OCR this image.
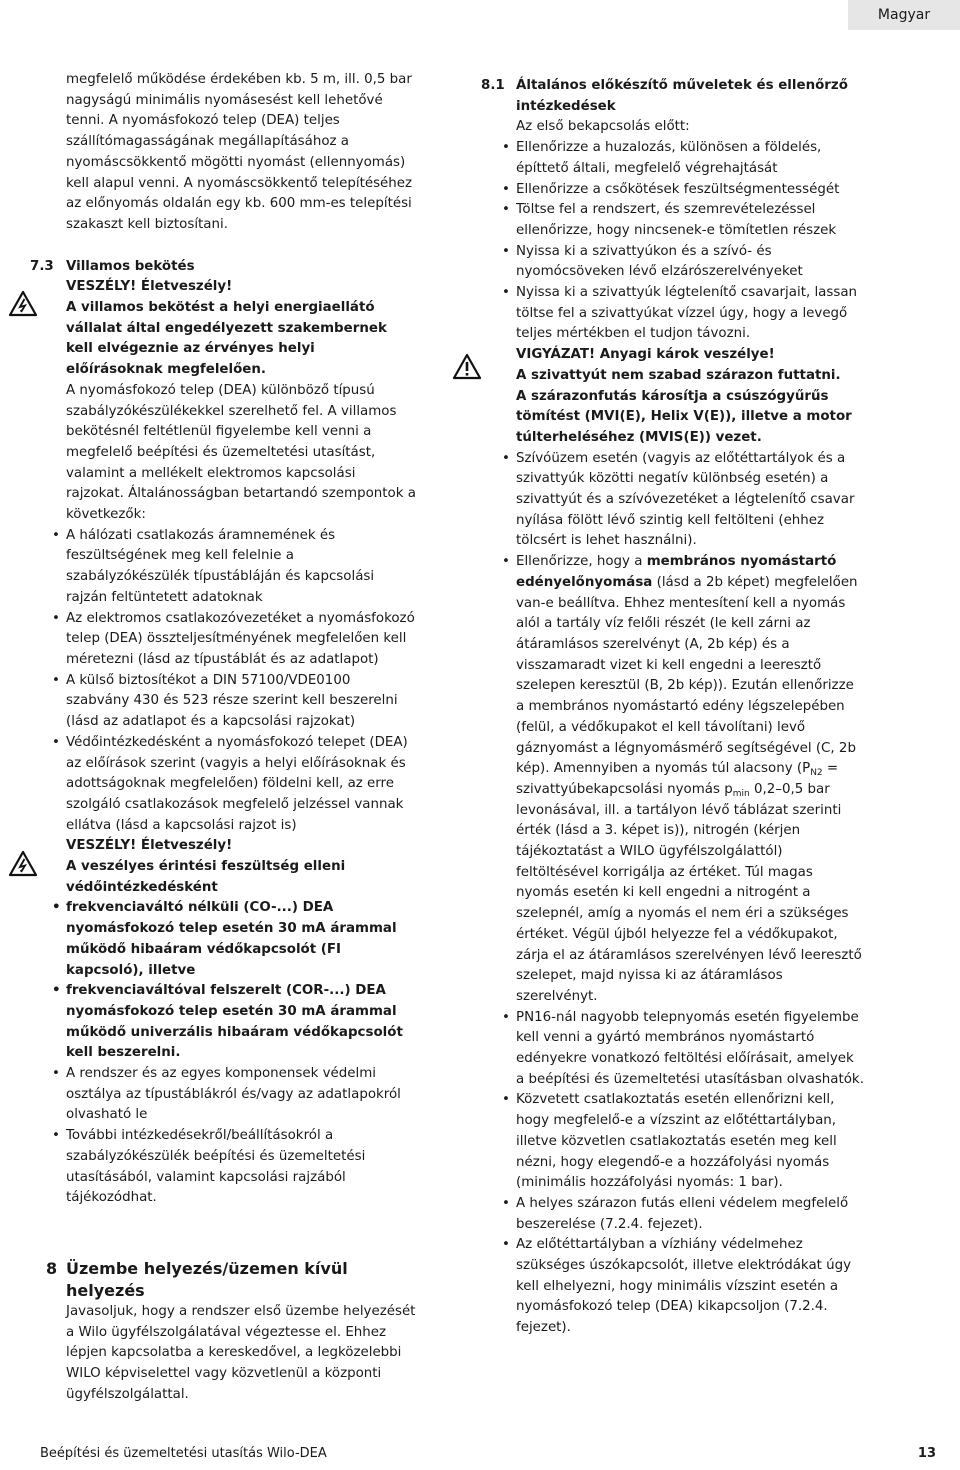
Magyar

megfelelő működése érdekében kb. 5 m, ill. 0,5 bar nagyságú minimális nyomásesést kell lehetővé tenni. A nyomásfokozó telep (DEA) teljes szállítómagasságának megállapításához a nyomáscsökkentő mögötti nyomást (ellennyomás) kell alapul venni. A nyomáscsökkentő telepítéséhez az előnyomás oldalán egy kb. 600 mm-es telepítési szakaszt kell biztosítani.

7.3 Villamos bekötés

VESZÉLY! Életveszély!

A villamos bekötést a helyi energiaellátó vállalat által engedélyezett szakembernek kell elvégeznie az érvényes helyi előírásoknak megfelelően.

A nyomásfokozó telep (DEA) különböző típusú szabályzókészülékekkel szerelhető fel. A villamos bekötésnél feltétlenül figyelembe kell venni a megfelelő beépítési és üzemeltetési utasítást, valamint a mellékelt elektromos kapcsolási rajzokat. Általánosságban betartandó szempontok a következők:

• A hálózati csatlakozás áramnemének és feszültségének meg kell felelnie a szabályzókészülék típustábláján és kapcsolási rajzán feltüntetett adatoknak
• Az elektromos csatlakozóvezetéket a nyomásfokozó telep (DEA) összteljesítményének megfelelően kell méretezni (lásd az típustáblát és az adatlapot)
• A külső biztosítékot a DIN 57100/VDE0100 szabvány 430 és 523 része szerint kell beszerelni (lásd az adatlapot és a kapcsolási rajzokat)
• Védőintézkedésként a nyomásfokozó telepet (DEA) az előírások szerint (vagyis a helyi előírásoknak és adottságoknak megfelelően) földelni kell, az erre szolgáló csatlakozások megfelelő jelzéssel vannak ellátva (lásd a kapcsolási rajzot is)

VESZÉLY! Életveszély!

A veszélyes érintési feszültség elleni védőintézkedésként

• frekvenciaváltó nélküli (CO-...) DEA nyomásfokozó telep esetén 30 mA árammal működő hibaáram védőkapcsolót (FI kapcsoló), illetve
• frekvenciaváltóval felszerelt (COR-...) DEA nyomásfokozó telep esetén 30 mA árammal működő univerzális hibaáram védőkapcsolót kell beszerelni.
• A rendszer és az egyes komponensek védelmi osztálya az típustáblákról és/vagy az adatlapokról olvasható le
• További intézkedésekről/beállításokról a szabályzókészülék beépítési és üzemeltetési utasításából, valamint kapcsolási rajzából tájékozódhat.
8 Üzembe helyezés/üzemen kívül helyezés

Javasoljuk, hogy a rendszer első üzembe helyezését a Wilo ügyfélszolgálatával végeztesse el. Ehhez lépjen kapcsolatba a kereskedővel, a legközelebbi WILO képviselettel vagy közvetlenül a központi ügyfélszolgálattal.

8.1 Általános előkészítő műveletek és ellenőrző intézkedések

Az első bekapcsolás előtt:

• Ellenőrizze a huzalozás, különösen a földelés, építtető általi, megfelelő végrehajtását
• Ellenőrizze a csőkötések feszültségmentességét
• Töltse fel a rendszert, és szemrevételezéssel ellenőrizze, hogy nincsenek-e tömítetlen részek
• Nyissa ki a szivattyúkon és a szívó- és nyomócsöveken lévő elzárószerelvényeket
• Nyissa ki a szivattyúk légtelenítő csavarjait, lassan töltse fel a szivattyúkat vízzel úgy, hogy a levegő teljes mértékben el tudjon távozni.

VIGYÁZAT! Anyagi károk veszélye!

A szivattyút nem szabad szárazon futtatni.

A szárazonfutás károsítja a csúszógyűrűs tömítést (MVI(E), Helix V(E)), illetve a motor túlterheléséhez (MVIS(E)) vezet.

• Szívóüzem esetén (vagyis az előtéttartályok és a szivattyúk közötti negatív különbség esetén) a szivattyút és a szívóvezetéket a légtelenítő csavar nyílása fölött lévő szintig kell feltölteni (ehhez tölcsért is lehet használni).
• Ellenőrizze, hogy a membrános nyomástartó edényelőnyomása (lásd a 2b képet) megfelelően van-e beállítva. Ehhez mentesítení kell a nyomás alól a tartály víz felőli részét (le kell zárni az átáramlásos szerelvényt (A, 2b kép) és a visszamaradt vizet ki kell engedni a leeresztő szelepen keresztül (B, 2b kép)). Ezután ellenőrizze a membrános nyomástartó edény légszelepében (felül, a védőkupakot el kell távolítani) levő gáznyomást a légnyomásmérő segítségével (C, 2b kép). Amennyiben a nyomás túl alacsony ($P_{N2}$ = szivattyúbekapcsolási nyomás $p_{min}$ 0,2–0,5 bar levonásával, ill. a tartályon lévő táblázat szerinti érték (lásd a 3. képet is)), nitrogén (kérjen tájékoztatást a WILO ügyfélszolgálattól) feltöltésével korrigálja az értéket. Túl magas nyomás esetén ki kell engedni a nitrogént a szelepnél, amíg a nyomás el nem éri a szükséges értéket. Végül újból helyezze fel a védőkupakot, zárja el az átáramlásos szerelvényen lévő leeresztő szelepet, majd nyissa ki az átáramlásos szerelvényt.
• PN16-nál nagyobb telepnyomás esetén figyelembe kell venni a gyártó membrános nyomástartó edényekre vonatkozó feltöltési előírásait, amelyek a beépítési és üzemeltetési utasításban olvashatók.
• Közvetett csatlakoztatás esetén ellenőrizni kell, hogy megfelelő-e a vízszint az előtéttartályban, illetve közvetlen csatlakoztatás esetén meg kell nézni, hogy elegendő-e a hozzáfolyási nyomás (minimális hozzáfolyási nyomás: 1 bar).
• A helyes szárazon futás elleni védelem megfelelő beszerelése (7.2.4. fejezet).
• Az előtéttartályban a vízhiány védelmehez szükséges úszókapcsolót, illetve elektródákat úgy kell elhelyezni, hogy minimális vízszint esetén a nyomásfokozó telep (DEA) kikapcsoljon (7.2.4. fejezet).
Beépítési és üzemeltetési utasítás Wilo-DEA	13
